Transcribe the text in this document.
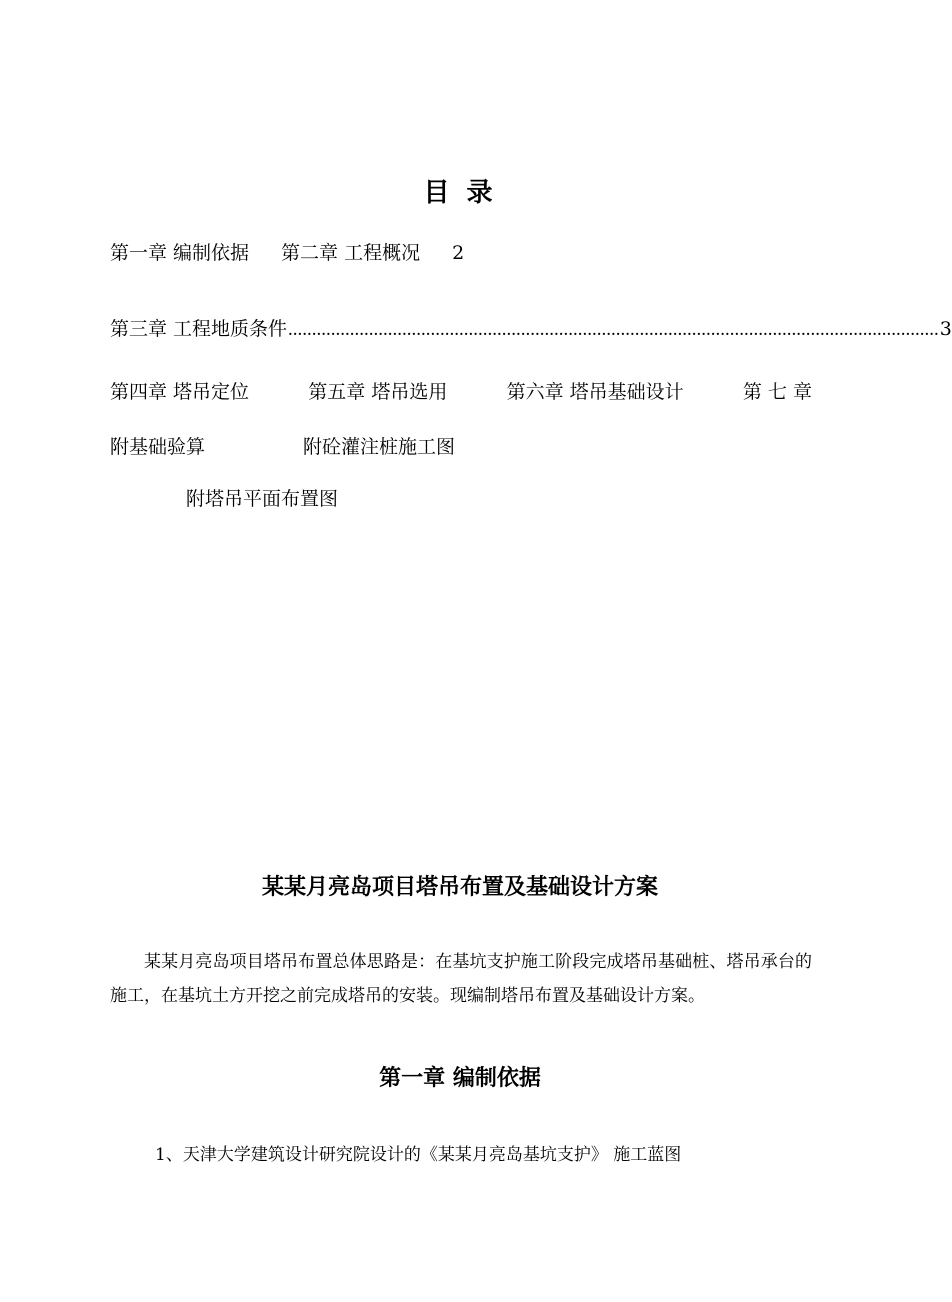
目 录
第一章 编制依据 第二章 工程概况 2
第三章 工程地质条件 ......................................................................................................................................... 3
第四章 塔吊定位	第五章 塔吊选用	第六章 塔吊基础设计	第 七 章
附基础验算	附砼灌注桩施工图
附塔吊平面布置图
某某月亮岛项目塔吊布置及基础设计方案
某某月亮岛项目塔吊布置总体思路是：在基坑支护施工阶段完成塔吊基础桩、塔吊承台的施工，在基坑土方开挖之前完成塔吊的安装。现编制塔吊布置及基础设计方案。
第一章 编制依据
1、天津大学建筑设计研究院设计的《某某月亮岛基坑支护》 施工蓝图
